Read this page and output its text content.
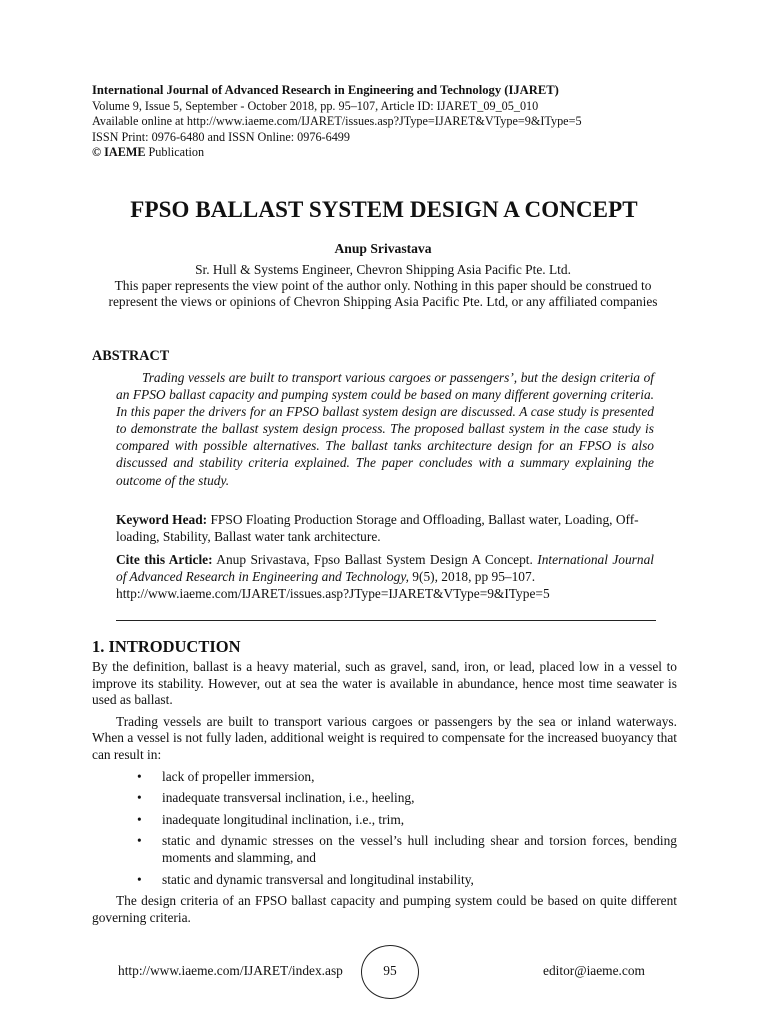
International Journal of Advanced Research in Engineering and Technology (IJARET)
Volume 9, Issue 5, September - October 2018, pp. 95–107, Article ID: IJARET_09_05_010
Available online at http://www.iaeme.com/IJARET/issues.asp?JType=IJARET&VType=9&IType=5
ISSN Print: 0976-6480 and ISSN Online: 0976-6499
© IAEME Publication
FPSO BALLAST SYSTEM DESIGN A CONCEPT
Anup Srivastava
Sr. Hull & Systems Engineer, Chevron Shipping Asia Pacific Pte. Ltd.
This paper represents the view point of the author only. Nothing in this paper should be construed to represent the views or opinions of Chevron Shipping Asia Pacific Pte. Ltd, or any affiliated companies
ABSTRACT
Trading vessels are built to transport various cargoes or passengers’, but the design criteria of an FPSO ballast capacity and pumping system could be based on many different governing criteria. In this paper the drivers for an FPSO ballast system design are discussed. A case study is presented to demonstrate the ballast system design process. The proposed ballast system in the case study is compared with possible alternatives. The ballast tanks architecture design for an FPSO is also discussed and stability criteria explained. The paper concludes with a summary explaining the outcome of the study.
Keyword Head: FPSO Floating Production Storage and Offloading, Ballast water, Loading, Off-loading, Stability, Ballast water tank architecture.
Cite this Article: Anup Srivastava, Fpso Ballast System Design A Concept. International Journal of Advanced Research in Engineering and Technology, 9(5), 2018, pp 95–107.
http://www.iaeme.com/IJARET/issues.asp?JType=IJARET&VType=9&IType=5
1. INTRODUCTION

By the definition, ballast is a heavy material, such as gravel, sand, iron, or lead, placed low in a vessel to improve its stability. However, out at sea the water is available in abundance, hence most time seawater is used as ballast.

Trading vessels are built to transport various cargoes or passengers by the sea or inland waterways. When a vessel is not fully laden, additional weight is required to compensate for the increased buoyancy that can result in:

• lack of propeller immersion,
• inadequate transversal inclination, i.e., heeling,
• inadequate longitudinal inclination, i.e., trim,
• static and dynamic stresses on the vessel’s hull including shear and torsion forces, bending moments and slamming, and
• static and dynamic transversal and longitudinal instability,

The design criteria of an FPSO ballast capacity and pumping system could be based on quite different governing criteria.

http://www.iaeme.com/IJARET/index.asp	95	editor@iaeme.com
